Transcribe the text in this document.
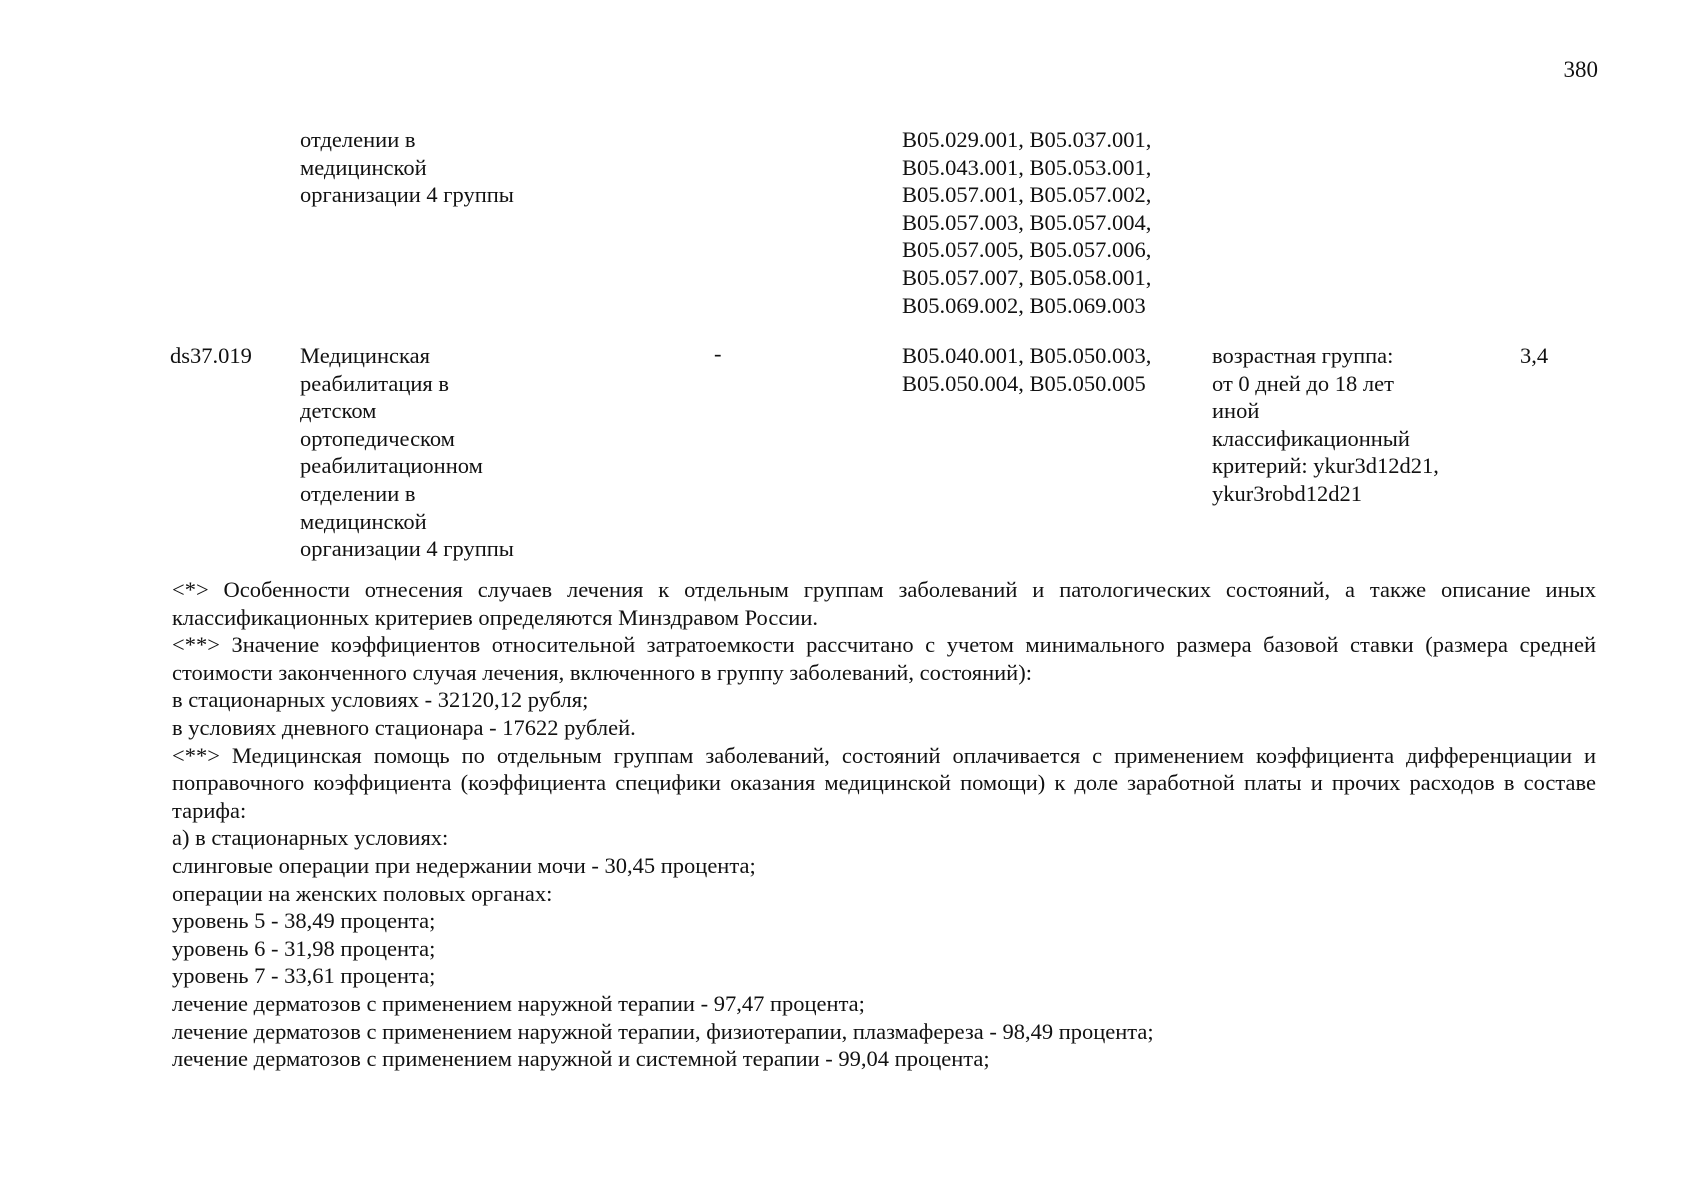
380
отделении в
медицинской
организации 4 группы
B05.029.001, B05.037.001,
B05.043.001, B05.053.001,
B05.057.001, B05.057.002,
B05.057.003, B05.057.004,
B05.057.005, B05.057.006,
B05.057.007, B05.058.001,
B05.069.002, B05.069.003
ds37.019	Медицинская
реабилитация в
детском
ортопедическом
реабилитационном
отделении в
медицинской
организации 4 группы
-	B05.040.001, B05.050.003,
B05.050.004, B05.050.005
возрастная группа:
от 0 дней до 18 лет
иной
классификационный
критерий: ykur3d12d21,
ykur3robd12d21
3,4

<*> Особенности отнесения случаев лечения к отдельным группам заболеваний и патологических состояний, а также описание иных классификационных критериев определяются Минздравом России.

<**> Значение коэффициентов относительной затратоемкости рассчитано с учетом минимального размера базовой ставки (размера средней стоимости законченного случая лечения, включенного в группу заболеваний, состояний):

в стационарных условиях - 32120,12 рубля;

в условиях дневного стационара - 17622 рублей.

<**> Медицинская помощь по отдельным группам заболеваний, состояний оплачивается с применением коэффициента дифференциации и поправочного коэффициента (коэффициента специфики оказания медицинской помощи) к доле заработной платы и прочих расходов в составе тарифа:

а) в стационарных условиях:

слинговые операции при недержании мочи - 30,45 процента;

операции на женских половых органах:

уровень 5 - 38,49 процента;

уровень 6 - 31,98 процента;

уровень 7 - 33,61 процента;

лечение дерматозов с применением наружной терапии - 97,47 процента;

лечение дерматозов с применением наружной терапии, физиотерапии, плазмафереза - 98,49 процента;

лечение дерматозов с применением наружной и системной терапии - 99,04 процента;
